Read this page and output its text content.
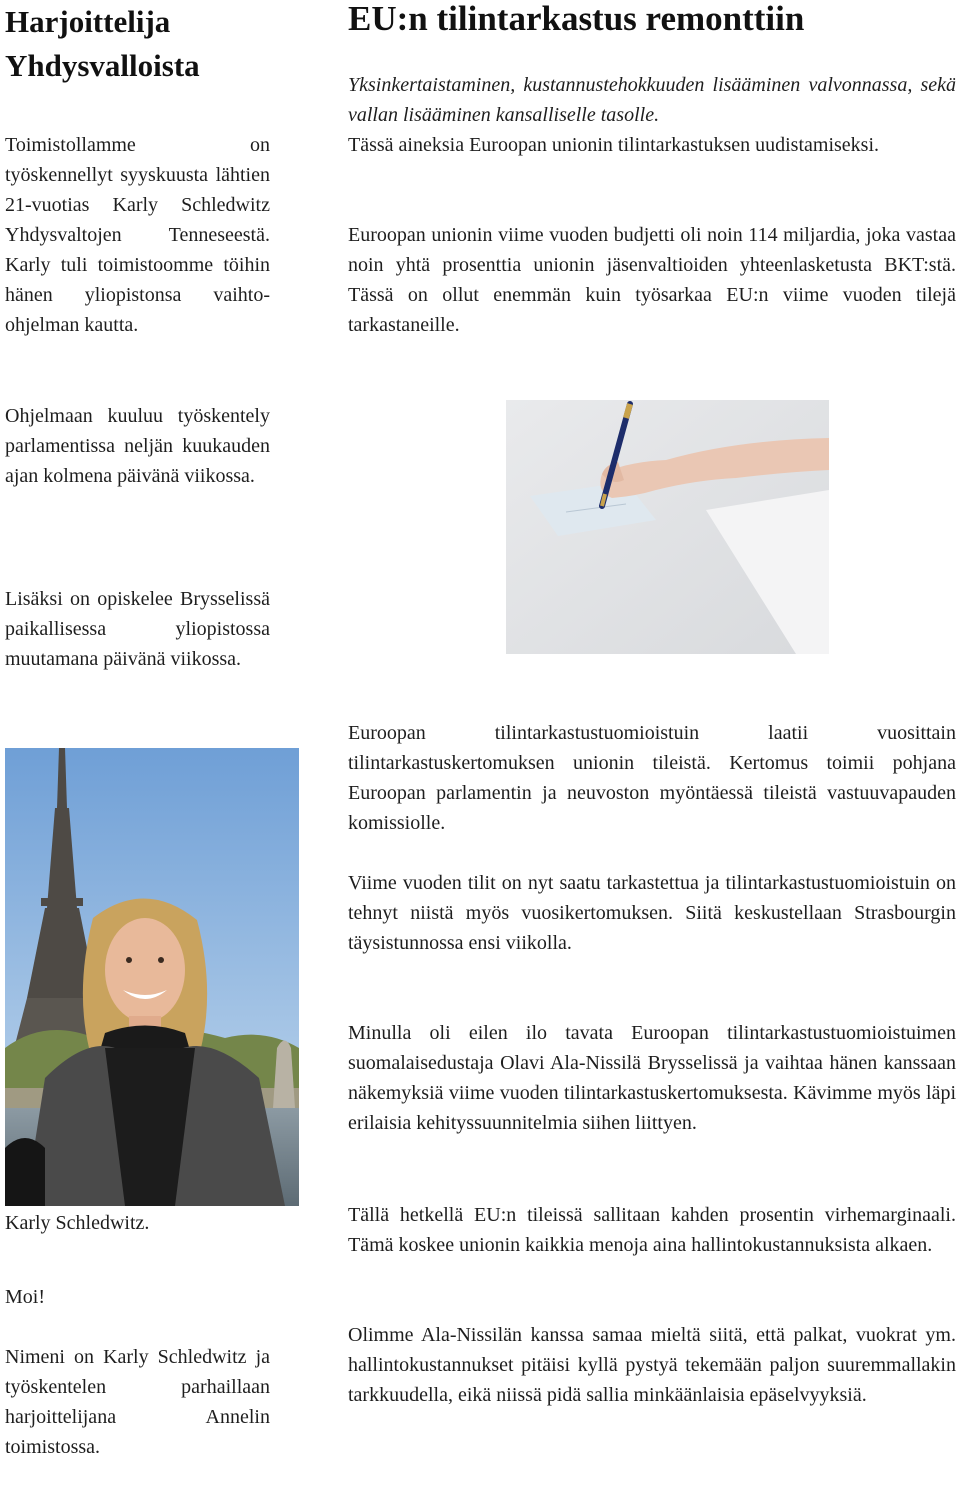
Harjoittelija Yhdysvalloista

Toimistollamme on työskennellyt syyskuusta lähtien 21-vuotias Karly Schledwitz Yhdysvaltojen Tenneseestä. Karly tuli toimistoomme töihin hänen yliopistonsa vaihto-ohjelman kautta.

Ohjelmaan kuuluu työskentely parlamentissa neljän kuukauden ajan kolmena päivänä viikossa.

Lisäksi on opiskelee Brysselissä paikallisessa yliopistossa muutamana päivänä viikossa.

Karly Schledwitz.

Moi!

Nimeni on Karly Schledwitz ja työskentelen parhaillaan harjoittelijana Annelin toimistossa.

EU:n tilintarkastus remonttiin

Yksinkertaistaminen, kustannustehokkuuden lisääminen valvonnassa, sekä vallan lisääminen kansalliselle tasolle.

Tässä aineksia Euroopan unionin tilintarkastuksen uudistamiseksi.

Euroopan unionin viime vuoden budjetti oli noin 114 miljardia, joka vastaa noin yhtä prosenttia unionin jäsenvaltioiden yhteenlasketusta BKT:stä. Tässä on ollut enemmän kuin työsarkaa EU:n viime vuoden tilejä tarkastaneille.

Euroopan tilintarkastustuomioistuin laatii vuosittain tilintarkastuskertomuksen unionin tileistä. Kertomus toimii pohjana Euroopan parlamentin ja neuvoston myöntäessä tileistä vastuuvapauden komissiolle.

Viime vuoden tilit on nyt saatu tarkastettua ja tilintarkastustuomioistuin on tehnyt niistä myös vuosikertomuksen. Siitä keskustellaan Strasbourgin täysistunnossa ensi viikolla.

Minulla oli eilen ilo tavata Euroopan tilintarkastustuomioistuimen suomalaisedustaja Olavi Ala-Nissilä Brysselissä ja vaihtaa hänen kanssaan näkemyksiä viime vuoden tilintarkastuskertomuksesta. Kävimme myös läpi erilaisia kehityssuunnitelmia siihen liittyen.

Tällä hetkellä EU:n tileissä sallitaan kahden prosentin virhemarginaali. Tämä koskee unionin kaikkia menoja aina hallintokustannuksista alkaen.

Olimme Ala-Nissilän kanssa samaa mieltä siitä, että palkat, vuokrat ym. hallintokustannukset pitäisi kyllä pystyä tekemään paljon suuremmallakin tarkkuudella, eikä niissä pidä sallia minkäänlaisia epäselvyyksiä.
